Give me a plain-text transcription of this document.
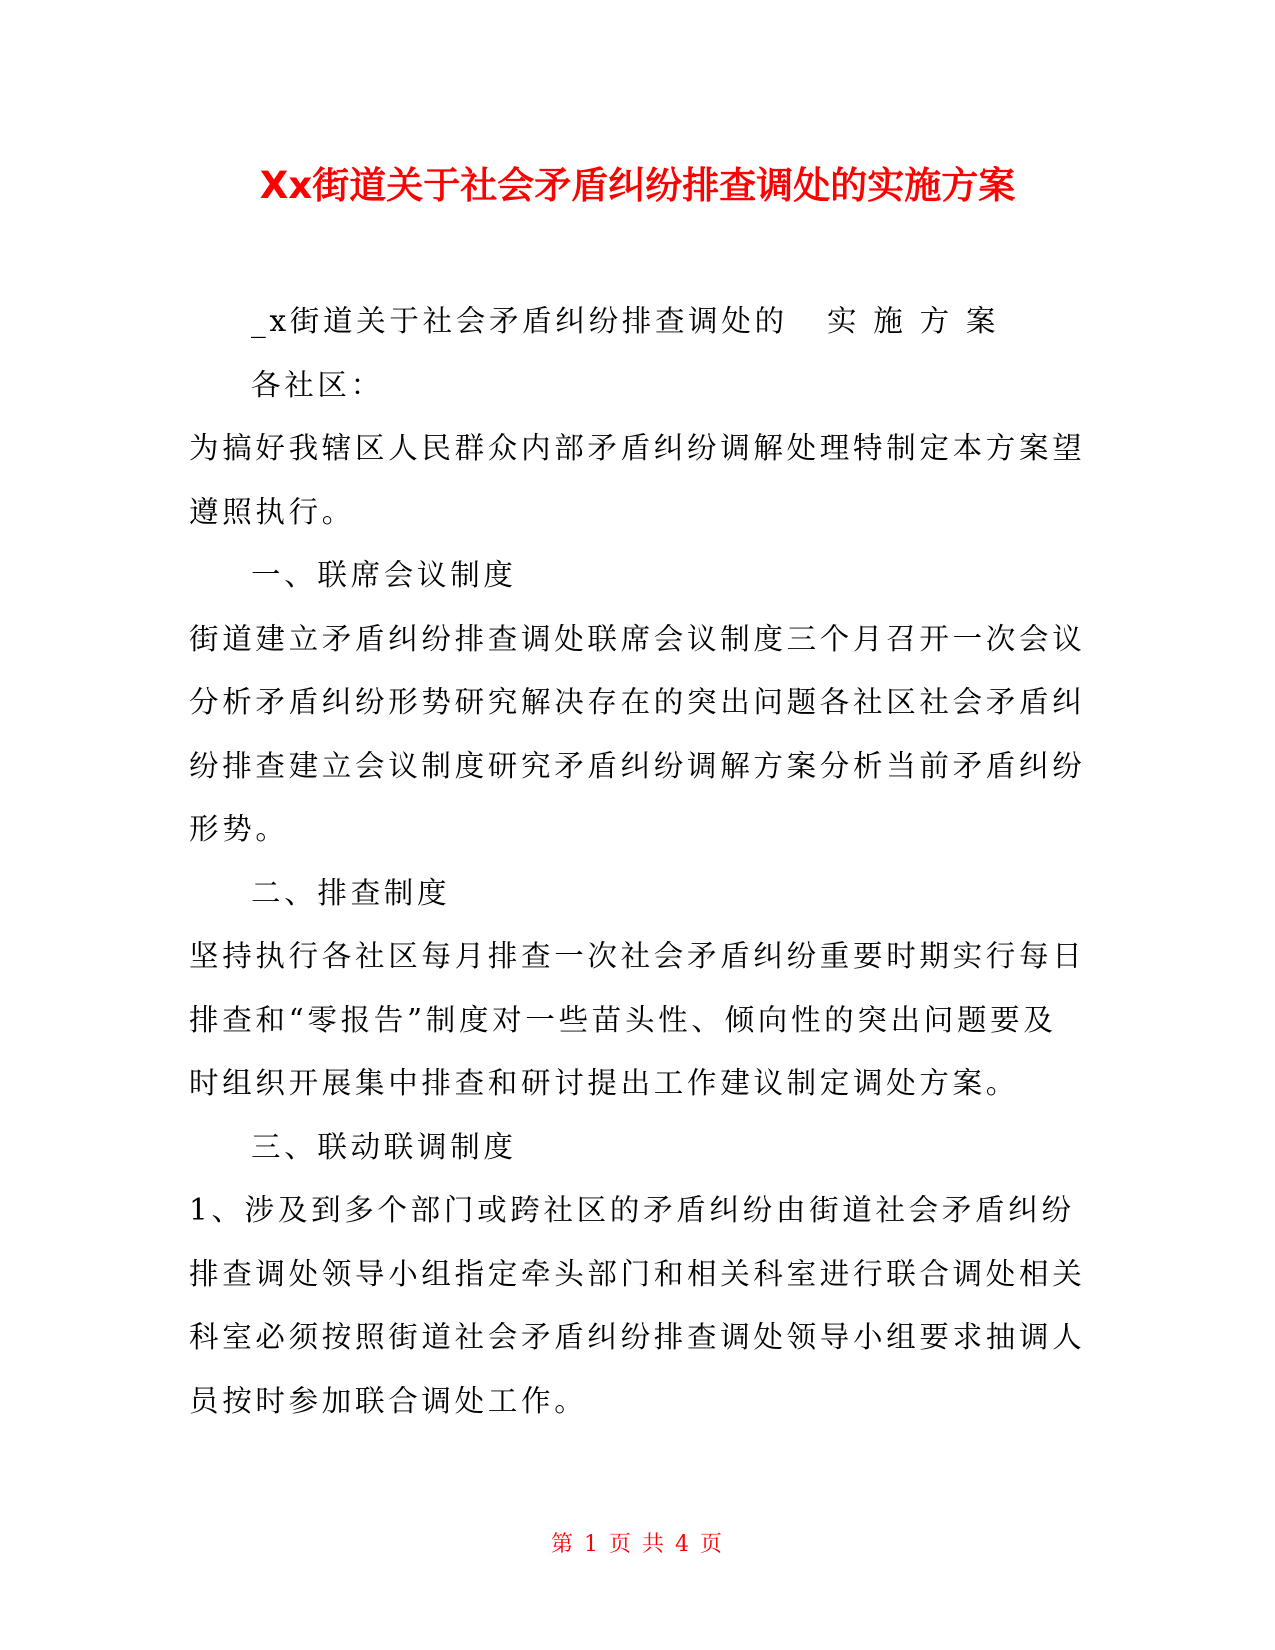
Xx街道关于社会矛盾纠纷排查调处的实施方案

_x街道关于社会矛盾纠纷排查调处的   实 施 方 案

各社区：

为搞好我辖区人民群众内部矛盾纠纷调解处理特制定本方案望遵照执行。

一、联席会议制度

街道建立矛盾纠纷排查调处联席会议制度三个月召开一次会议分析矛盾纠纷形势研究解决存在的突出问题各社区社会矛盾纠纷排查建立会议制度研究矛盾纠纷调解方案分析当前矛盾纠纷形势。

二、排查制度

坚持执行各社区每月排查一次社会矛盾纠纷重要时期实行每日排查和“零报告”制度对一些苗头性、倾向性的突出问题要及时组织开展集中排查和研讨提出工作建议制定调处方案。

三、联动联调制度

1、涉及到多个部门或跨社区的矛盾纠纷由街道社会矛盾纠纷排查调处领导小组指定牵头部门和相关科室进行联合调处相关科室必须按照街道社会矛盾纠纷排查调处领导小组要求抽调人员按时参加联合调处工作。

第 1 页 共 4 页
